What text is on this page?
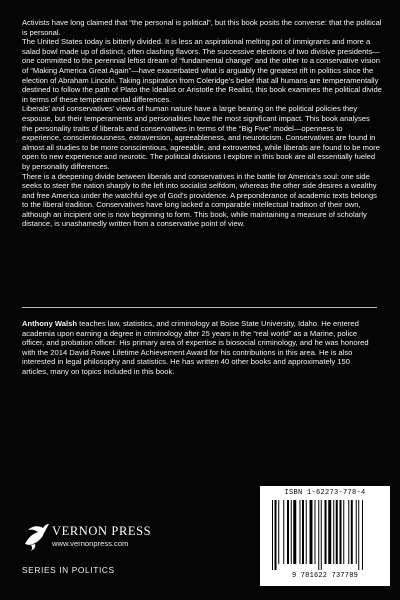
Activists have long claimed that “the personal is political”, but this book posits the converse: that the political is personal.

The United States today is bitterly divided. It is less an aspirational melting pot of immigrants and more a salad bowl made up of distinct, often clashing flavors. The successive elections of two divisive presidents—one committed to the perennial leftist dream of “fundamental change” and the other to a conservative vision of “Making America Great Again”—have exacerbated what is arguably the greatest rift in politics since the election of Abraham Lincoln. Taking inspiration from Coleridge’s belief that all humans are temperamentally destined to follow the path of Plato the Idealist or Aristotle the Realist, this book examines the political divide in terms of these temperamental differences.

Liberals’ and conservatives’ views of human nature have a large bearing on the political policies they espouse, but their temperaments and personalities have the most significant impact. This book analyses the personality traits of liberals and conservatives in terms of the “Big Five” model—openness to experience, conscientiousness, extraversion, agreeableness, and neuroticism. Conservatives are found in almost all studies to be more conscientious, agreeable, and extroverted, while liberals are found to be more open to new experience and neurotic. The political divisions I explore in this book are all essentially fueled by personality differences.

There is a deepening divide between liberals and conservatives in the battle for America’s soul: one side seeks to steer the nation sharply to the left into socialist selfdom, whereas the other side desires a wealthy and free America under the watchful eye of God’s providence. A preponderance of academic texts belongs to the liberal tradition. Conservatives have long lacked a comparable intellectual tradition of their own, although an incipient one is now beginning to form. This book, while maintaining a measure of scholarly distance, is unashamedly written from a conservative point of view.

Anthony Walsh teaches law, statistics, and criminology at Boise State University, Idaho. He entered academia upon earning a degree in criminology after 25 years in the “real world” as a Marine, police officer, and probation officer. His primary area of expertise is biosocial criminology, and he was honored with the 2014 David Rowe Lifetime Achievement Award for his contributions in this area. He is also interested in legal philosophy and statistics. He has written 40 other books and approximately 150 articles, many on topics included in this book.
VERNON PRESS
www.vernonpress.com
SERIES IN POLITICS
ISBN 1-62273-778-4
9 781622 737789
